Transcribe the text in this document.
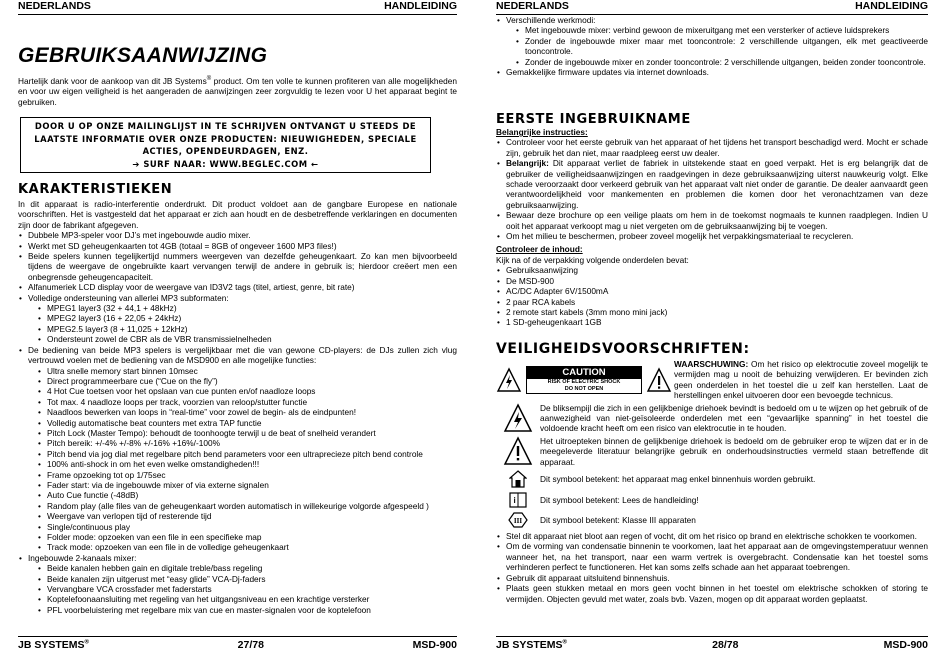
NEDERLANDS	HANDLEIDING
GEBRUIKSAANWIJZING

Hartelijk dank voor de aankoop van dit JB Systems® product. Om ten volle te kunnen profiteren van alle mogelijkheden en voor uw eigen veiligheid is het aangeraden de aanwijzingen zeer zorgvuldig te lezen voor U het apparaat begint te gebruiken.

DOOR U OP ONZE MAILINGLIJST IN TE SCHRIJVEN ONTVANGT U STEEDS DE
LAATSTE INFORMATIE OVER ONZE PRODUCTEN: NIEUWIGHEDEN, SPECIALE
ACTIES, OPENDEURDAGEN, ENZ.
➔ SURF NAAR: WWW.BEGLEC.COM ←
KARAKTERISTIEKEN

In dit apparaat is radio-interferentie onderdrukt. Dit product voldoet aan de gangbare Europese en nationale voorschriften. Het is vastgesteld dat het apparaat er zich aan houdt en de desbetreffende verklaringen en documenten zijn door de fabrikant afgegeven.

• Dubbele MP3-speler voor DJ’s met ingebouwde audio mixer.
• Werkt met SD geheugenkaarten tot 4GB (totaal = 8GB of ongeveer 1600 MP3 files!)
• Beide spelers kunnen tegelijkertijd nummers weergeven van dezelfde geheugenkaart. Zo kan men bijvoorbeeld tijdens de weergave de ongebruikte kaart vervangen terwijl de andere in gebruik is; hierdoor creëert men een onbegrensde geheugencapaciteit.
• Alfanumeriek LCD display voor de weergave van ID3V2 tags (titel, artiest, genre, bit rate)
• Volledige ondersteuning van allerlei MP3 subformaten:
• MPEG1 layer3 (32 + 44,1 + 48kHz)
• MPEG2 layer3 (16 + 22,05 + 24kHz)
• MPEG2.5 layer3 (8 + 11,025 + 12kHz)
• Ondersteunt zowel de CBR als de VBR transmissielnelheden
• De bediening van beide MP3 spelers is vergelijkbaar met die van gewone CD-players: de DJs zullen zich vlug vertrouwd voelen met de bediening van de MSD900 en alle mogelijke functies:
• Ultra snelle memory start binnen 10msec
• Direct programmeerbare cue (“Cue on the fly”)
• 4 Hot Cue toetsen voor het opslaan van cue punten en/of naadloze loops
• Tot max. 4 naadloze loops per track, voorzien van reloop/stutter functie
• Naadloos bewerken van loops in “real-time” voor zowel de begin- als de eindpunten!
• Volledig automatische beat counters met extra TAP functie
• Pitch Lock (Master Tempo): behoudt de toonhoogte terwijl u de beat of snelheid verandert
• Pitch bereik: +/-4% +/-8% +/-16% +16%/-100%
• Pitch bend via jog dial met regelbare pitch bend parameters voor een ultraprecieze pitch bend controle
• 100% anti-shock in om het even welke omstandigheden!!!
• Frame opzoeking tot op 1/75sec
• Fader start: via de ingebouwde mixer of via externe signalen
• Auto Cue functie (-48dB)
• Random play (alle files van de geheugenkaart worden automatisch in willekeurige volgorde afgespeeld )
• Weergave van verlopen tijd of resterende tijd
• Single/continuous play
• Folder mode: opzoeken van een file in een specifieke map
• Track mode: opzoeken van een file in de volledige geheugenkaart
• Ingebouwde 2-kanaals mixer:
• Beide kanalen hebben gain en digitale treble/bass regeling
• Beide kanalen zijn uitgerust met “easy glide” VCA-Dj-faders
• Vervangbare VCA crossfader met faderstarts
• Koptelefoonaansluiting met regeling van het uitgangsniveau en een krachtige versterker
• PFL voorbeluistering met regelbare mix van cue en master-signalen voor de koptelefoon
JB SYSTEMS®	27/78	MSD-900
NEDERLANDS	HANDLEIDING
• Verschillende werkmodi:
• Met ingebouwde mixer: verbind gewoon de mixeruitgang met een versterker of actieve luidsprekers
• Zonder de ingebouwde mixer maar met tooncontrole: 2 verschillende uitgangen, elk met geactiveerde tooncontrole.
• Zonder de ingebouwde mixer en zonder tooncontrole: 2 verschillende uitgangen, beiden zonder tooncontrole.
• Gemakkelijke firmware updates via internet downloads.
EERSTE INGEBRUIKNAME

Belangrijke instructies:

• Controleer voor het eerste gebruik van het apparaat of het tijdens het transport beschadigd werd. Mocht er schade zijn, gebruik het dan niet, maar raadpleeg eerst uw dealer.
• Belangrijk: Dit apparaat verliet de fabriek in uitstekende staat en goed verpakt. Het is erg belangrijk dat de gebruiker de veiligheidsaanwijzingen en raadgevingen in deze gebruiksaanwijzing uiterst nauwkeurig volgt. Elke schade veroorzaakt door verkeerd gebruik van het apparaat valt niet onder de garantie. De dealer aanvaardt geen verantwoordelijkheid voor mankementen en problemen die komen door het veronachtzamen van deze gebruiksaanwijzing.
• Bewaar deze brochure op een veilige plaats om hem in de toekomst nogmaals te kunnen raadplegen. Indien U ooit het apparaat verkoopt mag u niet vergeten om de gebruiksaanwijzing bij te voegen.
• Om het milieu te beschermen, probeer zoveel mogelijk het verpakkingsmateriaal te recycleren.

Controleer de inhoud:

Kijk na of de verpakking volgende onderdelen bevat:

• Gebruiksaanwijzing
• De MSD-900
• AC/DC Adapter 6V/1500mA
• 2 paar RCA kabels
• 2 remote start kabels (3mm mono mini jack)
• 1 SD-geheugenkaart 1GB
VEILIGHEIDSVOORSCHRIFTEN:
CAUTION
RISK OF ELECTRIC SHOCK
DO NOT OPEN

WAARSCHUWING: Om het risico op elektrocutie zoveel mogelijk te vermijden mag u nooit de behuizing verwijderen. Er bevinden zich geen onderdelen in het toestel die u zelf kan herstellen. Laat de herstellingen enkel uitvoeren door een bevoegde technicus.

De bliksempijl die zich in een gelijkbenige driehoek bevindt is bedoeld om u te wijzen op het gebruik of de aanwezigheid van niet-geïsoleerde onderdelen met een “gevaarlijke spanning” in het toestel die voldoende kracht heeft om een risico van elektrocutie in te houden.

Het uitroepteken binnen de gelijkbenige driehoek is bedoeld om de gebruiker erop te wijzen dat er in de meegeleverde literatuur belangrijke gebruik en onderhoudsinstructies vermeld staan betreffende dit apparaat.

Dit symbool betekent: het apparaat mag enkel binnenhuis worden gebruikt.

i	Dit symbool betekent: Lees de handleiding!

III Dit symbool betekent: Klasse III apparaten

• Stel dit apparaat niet bloot aan regen of vocht, dit om het risico op brand en elektrische schokken te voorkomen.
• Om de vorming van condensatie binnenin te voorkomen, laat het apparaat aan de omgevingstemperatuur wennen wanneer het, na het transport, naar een warm vertrek is overgebracht. Condensatie kan het toestel soms verhinderen perfect te functioneren. Het kan soms zelfs schade aan het apparaat toebrengen.
• Gebruik dit apparaat uitsluitend binnenshuis.
• Plaats geen stukken metaal en mors geen vocht binnen in het toestel om elektrische schokken of storing te vermijden. Objecten gevuld met water, zoals bvb. Vazen, mogen op dit apparaat worden geplaatst.
JB SYSTEMS®	28/78	MSD-900
